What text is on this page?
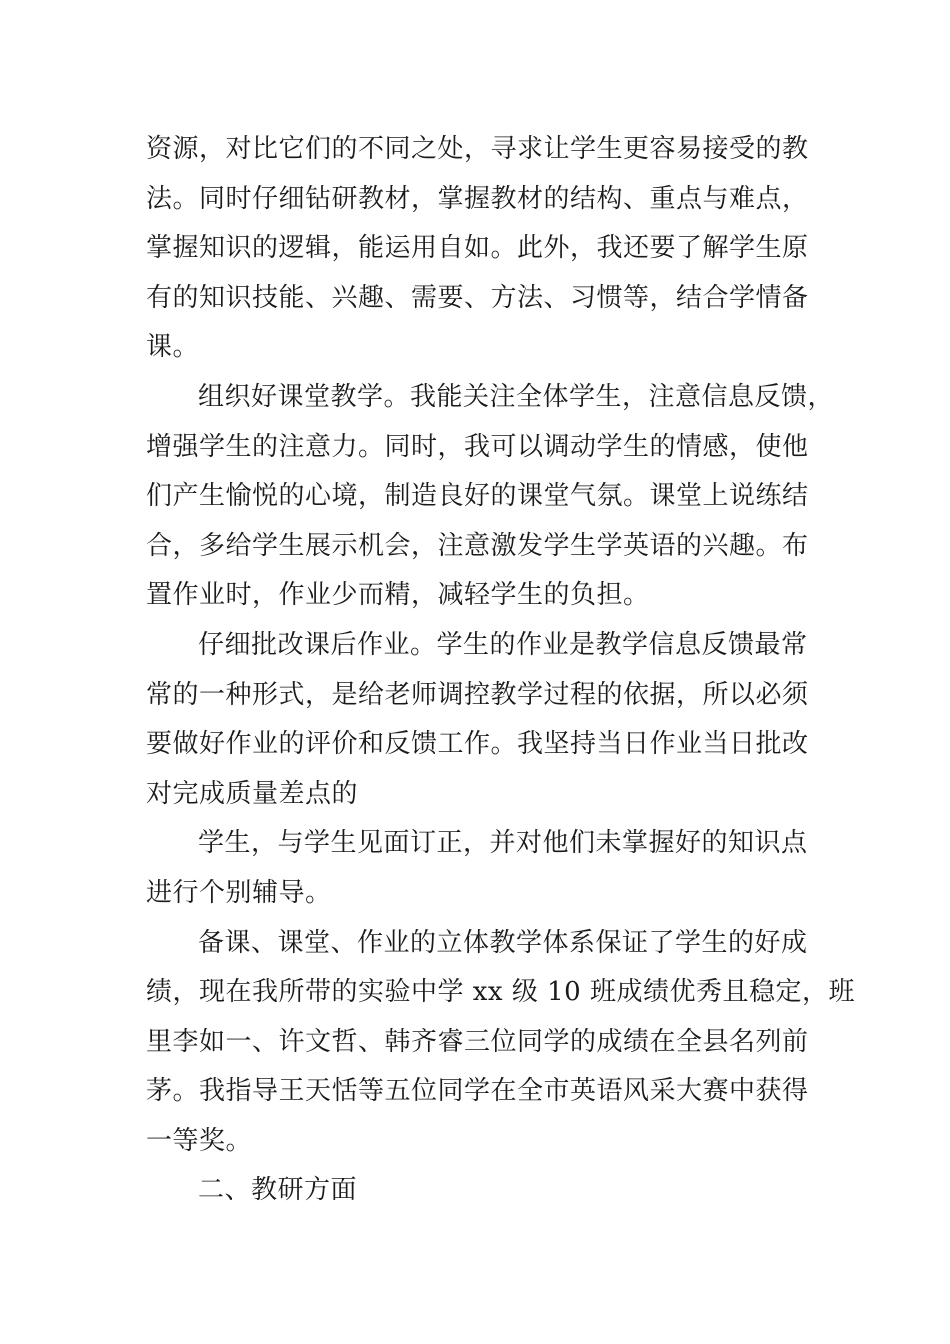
资源，对比它们的不同之处，寻求让学生更容易接受的教
法。同时仔细钻研教材，掌握教材的结构、重点与难点，
掌握知识的逻辑，能运用自如。此外，我还要了解学生原
有的知识技能、兴趣、需要、方法、习惯等，结合学情备
课。
组织好课堂教学。我能关注全体学生，注意信息反馈，
增强学生的注意力。同时，我可以调动学生的情感，使他
们产生愉悦的心境，制造良好的课堂气氛。课堂上说练结
合，多给学生展示机会，注意激发学生学英语的兴趣。布
置作业时，作业少而精，减轻学生的负担。
仔细批改课后作业。学生的作业是教学信息反馈最常
常的一种形式，是给老师调控教学过程的依据，所以必须
要做好作业的评价和反馈工作。我坚持当日作业当日批改
对完成质量差点的
学生，与学生见面订正，并对他们未掌握好的知识点
进行个别辅导。
备课、课堂、作业的立体教学体系保证了学生的好成
绩，现在我所带的实验中学 xx 级 10 班成绩优秀且稳定，班
里李如一、许文哲、韩齐睿三位同学的成绩在全县名列前
茅。我指导王天恬等五位同学在全市英语风采大赛中获得
一等奖。
二、教研方面
